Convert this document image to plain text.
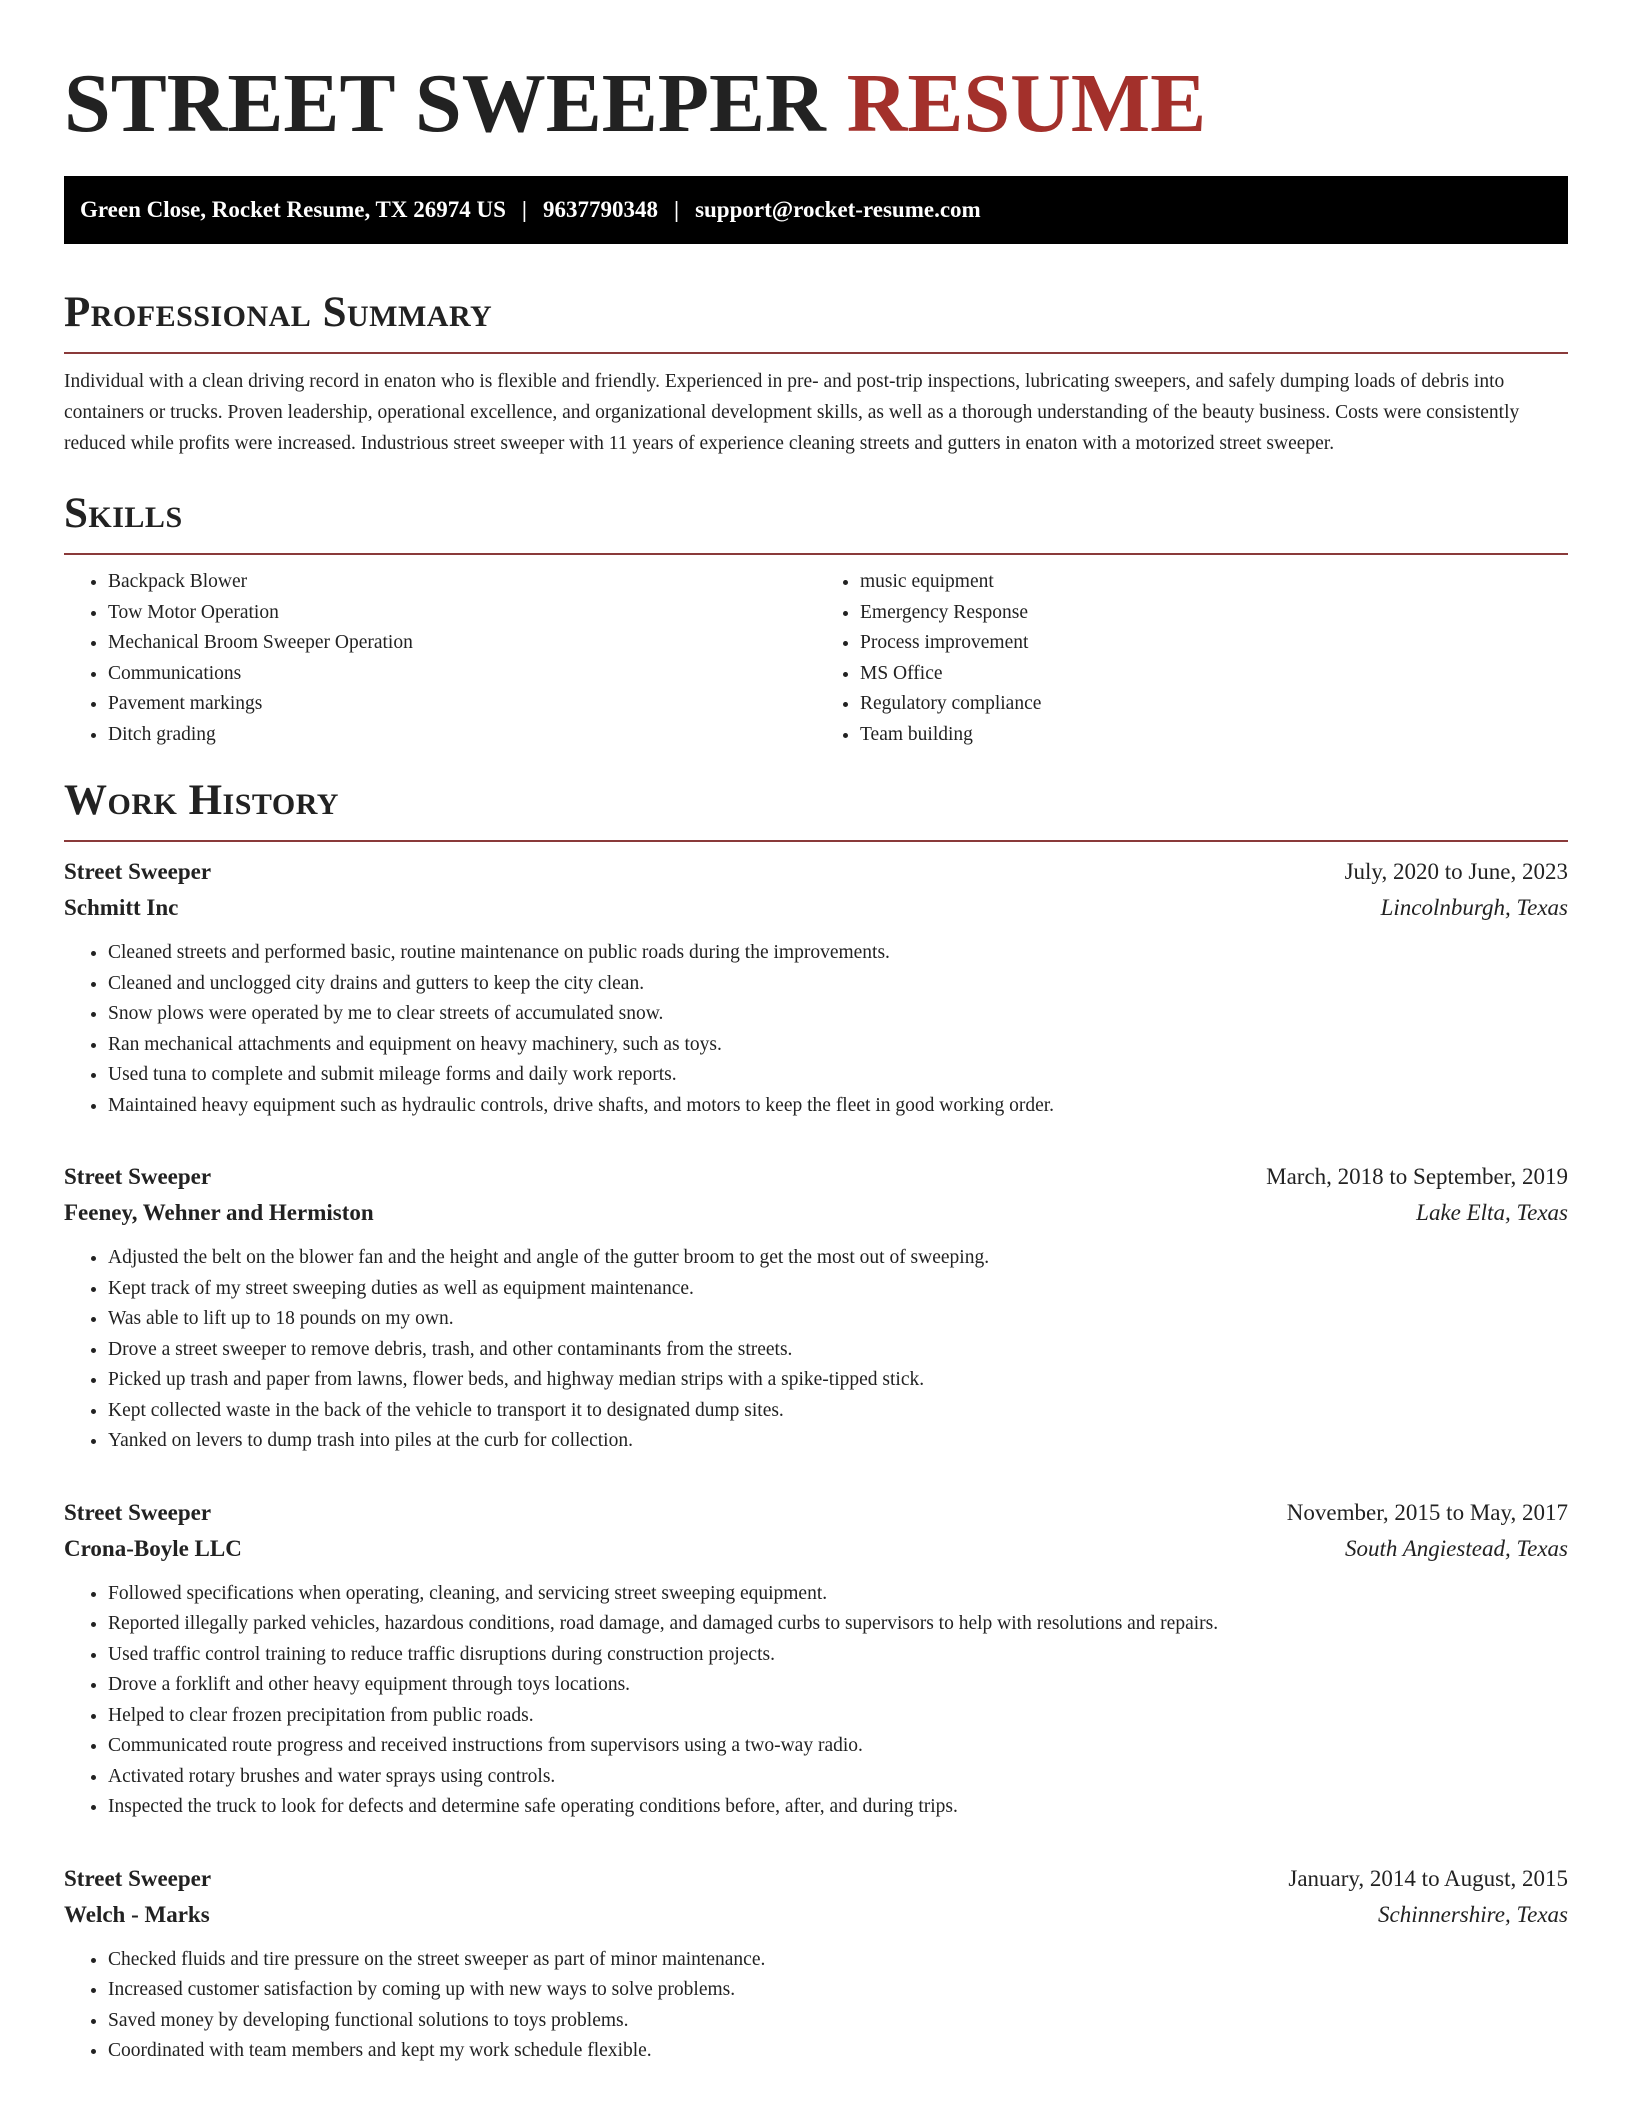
STREET SWEEPER RESUME
Green Close, Rocket Resume, TX 26974 US | 9637790348 | support@rocket-resume.com
Professional Summary

Individual with a clean driving record in enaton who is flexible and friendly. Experienced in pre- and post-trip inspections, lubricating sweepers, and safely dumping loads of debris into containers or trucks. Proven leadership, operational excellence, and organizational development skills, as well as a thorough understanding of the beauty business. Costs were consistently reduced while profits were increased. Industrious street sweeper with 11 years of experience cleaning streets and gutters in enaton with a motorized street sweeper.

Skills
• Backpack Blower
• Tow Motor Operation
• Mechanical Broom Sweeper Operation
• Communications
• Pavement markings
• Ditch grading
• music equipment
• Emergency Response
• Process improvement
• MS Office
• Regulatory compliance
• Team building
Work History
Street Sweeper	July, 2020 to June, 2023
Schmitt Inc	Lincolnburgh, Texas
• Cleaned streets and performed basic, routine maintenance on public roads during the improvements.
• Cleaned and unclogged city drains and gutters to keep the city clean.
• Snow plows were operated by me to clear streets of accumulated snow.
• Ran mechanical attachments and equipment on heavy machinery, such as toys.
• Used tuna to complete and submit mileage forms and daily work reports.
• Maintained heavy equipment such as hydraulic controls, drive shafts, and motors to keep the fleet in good working order.
Street Sweeper	March, 2018 to September, 2019
Feeney, Wehner and Hermiston	Lake Elta, Texas
• Adjusted the belt on the blower fan and the height and angle of the gutter broom to get the most out of sweeping.
• Kept track of my street sweeping duties as well as equipment maintenance.
• Was able to lift up to 18 pounds on my own.
• Drove a street sweeper to remove debris, trash, and other contaminants from the streets.
• Picked up trash and paper from lawns, flower beds, and highway median strips with a spike-tipped stick.
• Kept collected waste in the back of the vehicle to transport it to designated dump sites.
• Yanked on levers to dump trash into piles at the curb for collection.
Street Sweeper	November, 2015 to May, 2017
Crona-Boyle LLC	South Angiestead, Texas
• Followed specifications when operating, cleaning, and servicing street sweeping equipment.
• Reported illegally parked vehicles, hazardous conditions, road damage, and damaged curbs to supervisors to help with resolutions and repairs.
• Used traffic control training to reduce traffic disruptions during construction projects.
• Drove a forklift and other heavy equipment through toys locations.
• Helped to clear frozen precipitation from public roads.
• Communicated route progress and received instructions from supervisors using a two-way radio.
• Activated rotary brushes and water sprays using controls.
• Inspected the truck to look for defects and determine safe operating conditions before, after, and during trips.
Street Sweeper	January, 2014 to August, 2015
Welch - Marks	Schinnershire, Texas
• Checked fluids and tire pressure on the street sweeper as part of minor maintenance.
• Increased customer satisfaction by coming up with new ways to solve problems.
• Saved money by developing functional solutions to toys problems.
• Coordinated with team members and kept my work schedule flexible.
